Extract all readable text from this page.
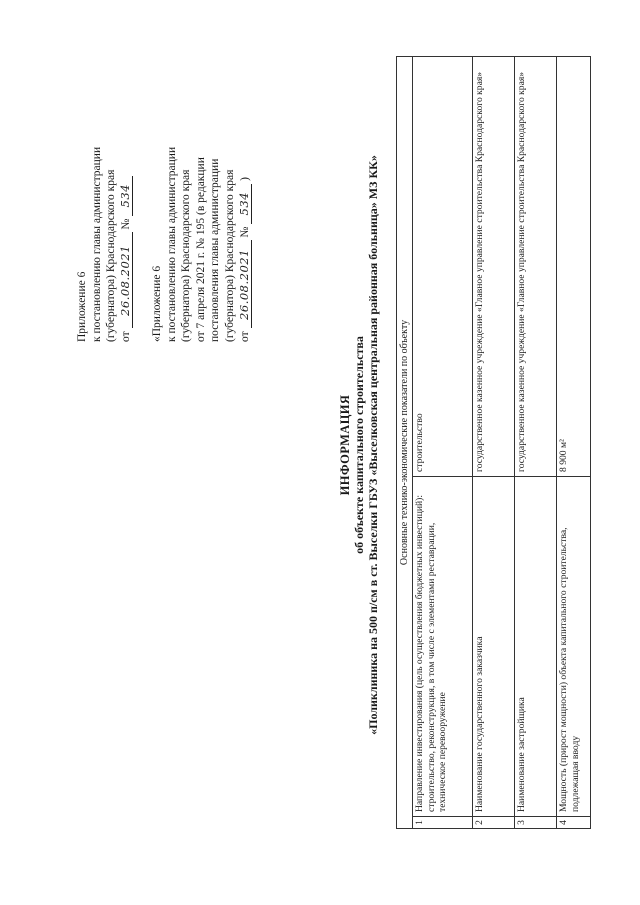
Приложение 6 к постановлению главы администрации (губернатора) Краснодарского края от 26.08.2021 № 534
«Приложение 6 к постановлению главы администрации (губернатора) Краснодарского края от 7 апреля 2021 г. № 195 (в редакции постановления главы администрации (губернатора) Краснодарского края от 26.08.2021 № 534 )
ИНФОРМАЦИЯ об объекте капитального строительства «Поликлиника на 500 п/см в ст. Выселки ГБУЗ «Выселковская центральная районная больница» МЗ КК» Основные технико-экономические показатели по объекту		
1	Направление инвестирования (цель осуществления бюджетных инвестиций): строительство, реконструкция, в том числе с элементами реставрации, техническое перевооружение	строительство
2	Наименование государственного заказчика	государственное казенное учреждение «Главное управление строительства Краснодарского края»
3	Наименование застройщика	государственное казенное учреждение «Главное управление строительства Краснодарского края»
4	Мощность (прирост мощности) объекта капитального строительства, подлежащая вводу	8 900 м²
